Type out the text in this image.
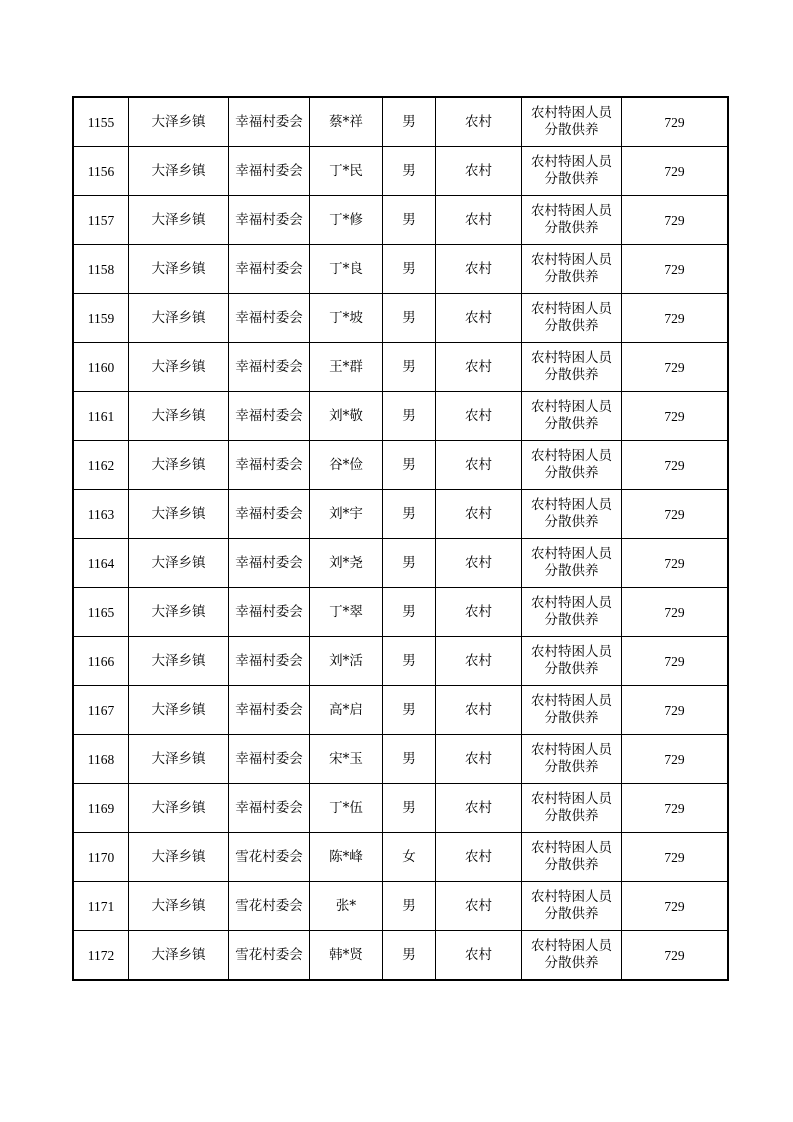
1155	大泽乡镇	幸福村委会	蔡*祥	男	农村	农村特困人员分散供养	729
1156	大泽乡镇	幸福村委会	丁*民	男	农村	农村特困人员分散供养	729
1157	大泽乡镇	幸福村委会	丁*修	男	农村	农村特困人员分散供养	729
1158	大泽乡镇	幸福村委会	丁*良	男	农村	农村特困人员分散供养	729
1159	大泽乡镇	幸福村委会	丁*坡	男	农村	农村特困人员分散供养	729
1160	大泽乡镇	幸福村委会	王*群	男	农村	农村特困人员分散供养	729
1161	大泽乡镇	幸福村委会	刘*敬	男	农村	农村特困人员分散供养	729
1162	大泽乡镇	幸福村委会	谷*俭	男	农村	农村特困人员分散供养	729
1163	大泽乡镇	幸福村委会	刘*宇	男	农村	农村特困人员分散供养	729
1164	大泽乡镇	幸福村委会	刘*尧	男	农村	农村特困人员分散供养	729
1165	大泽乡镇	幸福村委会	丁*翠	男	农村	农村特困人员分散供养	729
1166	大泽乡镇	幸福村委会	刘*活	男	农村	农村特困人员分散供养	729
1167	大泽乡镇	幸福村委会	高*启	男	农村	农村特困人员分散供养	729
1168	大泽乡镇	幸福村委会	宋*玉	男	农村	农村特困人员分散供养	729
1169	大泽乡镇	幸福村委会	丁*伍	男	农村	农村特困人员分散供养	729
1170	大泽乡镇	雪花村委会	陈*峰	女	农村	农村特困人员分散供养	729
1171	大泽乡镇	雪花村委会	张*	男	农村	农村特困人员分散供养	729
1172	大泽乡镇	雪花村委会	韩*贤	男	农村	农村特困人员分散供养	729
